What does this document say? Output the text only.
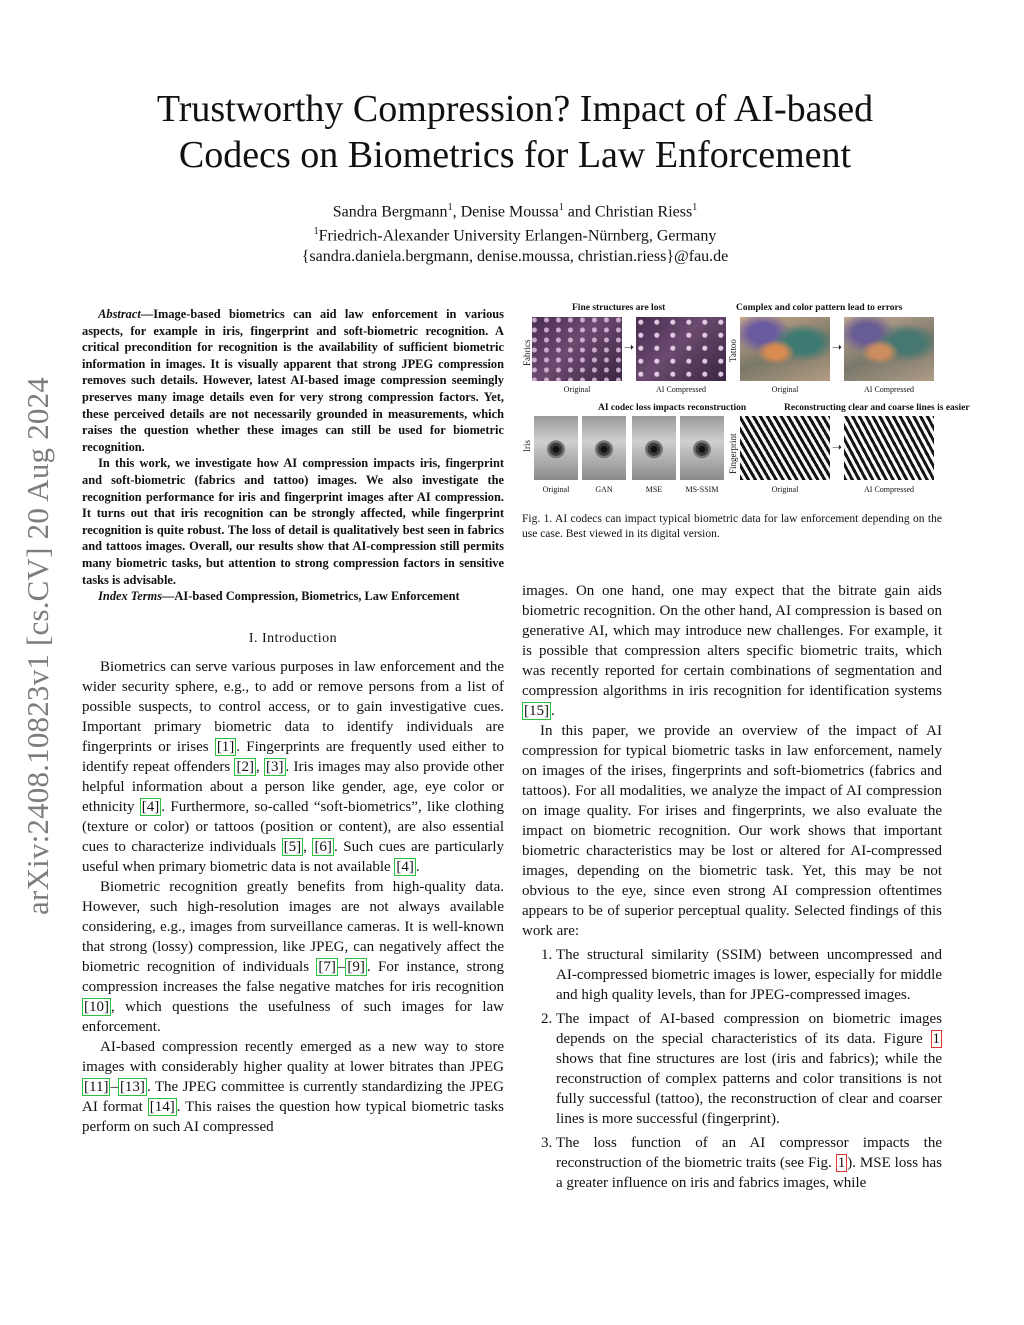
arXiv:2408.10823v1 [cs.CV] 20 Aug 2024
Trustworthy Compression? Impact of AI-based
Codecs on Biometrics for Law Enforcement
Sandra Bergmann$^1$, Denise Moussa$^1$ and Christian Riess$^1$
$^1$Friedrich-Alexander University Erlangen-Nürnberg, Germany
{sandra.daniela.bergmann, denise.moussa, christian.riess}@fau.de

Abstract—Image-based biometrics can aid law enforcement in various aspects, for example in iris, fingerprint and soft-biometric recognition. A critical precondition for recognition is the availability of sufficient biometric information in images. It is visually apparent that strong JPEG compression removes such details. However, latest AI-based image compression seemingly preserves many image details even for very strong compression factors. Yet, these perceived details are not necessarily grounded in measurements, which raises the question whether these images can still be used for biometric recognition.

In this work, we investigate how AI compression impacts iris, fingerprint and soft-biometric (fabrics and tattoo) images. We also investigate the recognition performance for iris and fingerprint images after AI compression. It turns out that iris recognition can be strongly affected, while fingerprint recognition is quite robust. The loss of detail is qualitatively best seen in fabrics and tattoos images. Overall, our results show that AI-compression still permits many biometric tasks, but attention to strong compression factors in sensitive tasks is advisable.

Index Terms—AI-based Compression, Biometrics, Law Enforcement

I. Introduction

Biometrics can serve various purposes in law enforcement and the wider security sphere, e.g., to add or remove persons from a list of possible suspects, to control access, or to gain investigative cues. Important primary biometric data to identify individuals are fingerprints or irises [1] . Fingerprints are frequently used either to identify repeat offenders [2] , [3] . Iris images may also provide other helpful information about a person like gender, age, eye color or ethnicity [4] . Furthermore, so-called “soft-biometrics”, like clothing (texture or color) or tattoos (position or content), are also essential cues to characterize individuals [5] , [6] . Such cues are particularly useful when primary biometric data is not available [4] .

Biometric recognition greatly benefits from high-quality data. However, such high-resolution images are not always available considering, e.g., images from surveillance cameras. It is well-known that strong (lossy) compression, like JPEG, can negatively affect the biometric recognition of individuals [7] – [9] . For instance, strong compression increases the false negative matches for iris recognition [10] , which questions the usefulness of such images for law enforcement.

AI-based compression recently emerged as a new way to store images with considerably higher quality at lower bitrates than JPEG [11] – [13] . The JPEG committee is currently standardizing the JPEG AI format [14] . This raises the question how typical biometric tasks perform on such AI compressed

Fine structures are lost	Complex and color pattern lead to errors
Fabrics	➝
Original	AI Compressed
Tattoo	➝
Original	AI Compressed
AI codec loss impacts reconstruction	Reconstructing clear and coarse lines is easier
Iris
Original	GAN	MSE	MS-SSIM
Fingerprint	➝
Original	AI Compressed
Fig. 1. AI codecs can impact typical biometric data for law enforcement depending on the use case. Best viewed in its digital version.

images. On one hand, one may expect that the bitrate gain aids biometric recognition. On the other hand, AI compression is based on generative AI, which may introduce new challenges. For example, it is possible that compression alters specific biometric traits, which was recently reported for certain combinations of segmentation and compression algorithms in iris recognition for identification systems [15] .

In this paper, we provide an overview of the impact of AI compression for typical biometric tasks in law enforcement, namely on images of the irises, fingerprints and soft-biometrics (fabrics and tattoos). For all modalities, we analyze the impact of AI compression on image quality. For irises and fingerprints, we also evaluate the impact on biometric recognition. Our work shows that important biometric characteristics may be lost or altered for AI-compressed images, depending on the biometric task. Yet, this may be not obvious to the eye, since even strong AI compression oftentimes appears to be of superior perceptual quality. Selected findings of this work are:

1. The structural similarity (SSIM) between uncompressed and AI-compressed biometric images is lower, especially for middle and high quality levels, than for JPEG-compressed images.
2. The impact of AI-based compression on biometric images depends on the special characteristics of its data. Figure 1 shows that fine structures are lost (iris and fabrics); while the reconstruction of complex patterns and color transitions is not fully successful (tattoo), the reconstruction of clear and coarser lines is more successful (fingerprint).
3. The loss function of an AI compressor impacts the reconstruction of the biometric traits (see Fig. 1 ). MSE loss has a greater influence on iris and fabrics images, while
